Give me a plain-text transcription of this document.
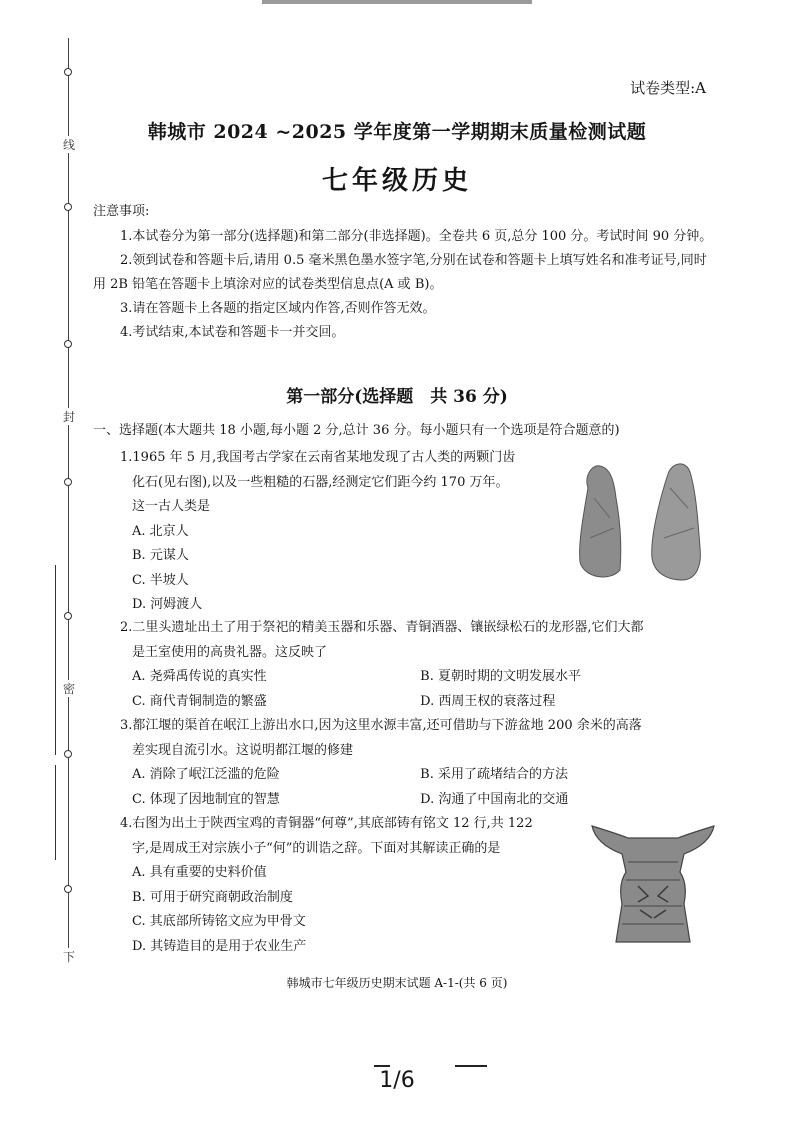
线
封
密
下
试卷类型:A
韩城市 2024 ~2025 学年度第一学期期末质量检测试题
七年级历史
注意事项:

1.本试卷分为第一部分(选择题)和第二部分(非选择题)。全卷共 6 页,总分 100 分。考试时间 90 分钟。

2.领到试卷和答题卡后,请用 0.5 毫米黑色墨水签字笔,分别在试卷和答题卡上填写姓名和准考证号,同时用 2B 铅笔在答题卡上填涂对应的试卷类型信息点(A 或 B)。

3.请在答题卡上各题的指定区域内作答,否则作答无效。

4.考试结束,本试卷和答题卡一并交回。

第一部分(选择题　共 36 分)
一、选择题(本大题共 18 小题,每小题 2 分,总计 36 分。每小题只有一个选项是符合题意的)

1.1965 年 5 月,我国考古学家在云南省某地发现了古人类的两颗门齿

化石(见右图),以及一些粗糙的石器,经测定它们距今约 170 万年。

这一古人类是

A. 北京人

B. 元谋人

C. 半坡人

D. 河姆渡人

2.二里头遗址出土了用于祭祀的精美玉器和乐器、青铜酒器、镶嵌绿松石的龙形器,它们大都

是王室使用的高贵礼器。这反映了

A. 尧舜禹传说的真实性	B. 夏朝时期的文明发展水平
C. 商代青铜制造的繁盛	D. 西周王权的衰落过程

3.都江堰的渠首在岷江上游出水口,因为这里水源丰富,还可借助与下游盆地 200 余米的高落

差实现自流引水。这说明都江堰的修建

A. 消除了岷江泛滥的危险	B. 采用了疏堵结合的方法
C. 体现了因地制宜的智慧	D. 沟通了中国南北的交通

4.右图为出土于陕西宝鸡的青铜器“何尊”,其底部铸有铭文 12 行,共 122

字,是周成王对宗族小子“何”的训诰之辞。下面对其解读正确的是

A. 具有重要的史料价值

B. 可用于研究商朝政治制度

C. 其底部所铸铭文应为甲骨文

D. 其铸造目的是用于农业生产

韩城市七年级历史期末试题 A-1-(共 6 页)
1/6
